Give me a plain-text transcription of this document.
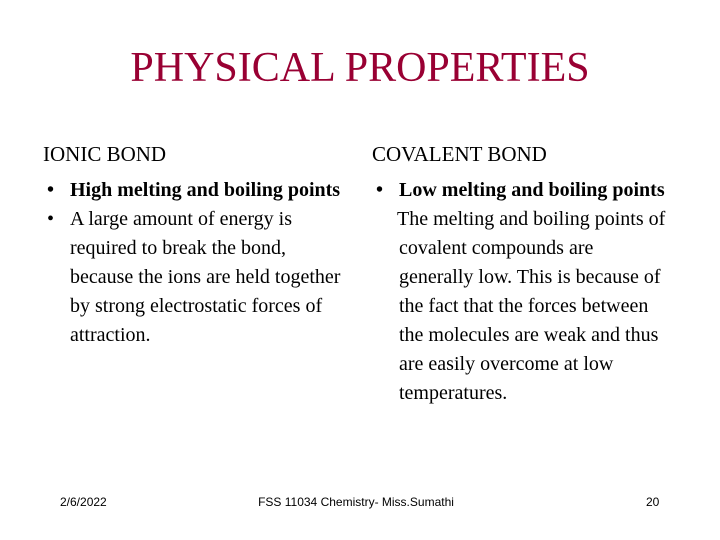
PHYSICAL PROPERTIES
IONIC BOND
• High melting and boiling points
• A large amount of energy is required to break the bond, because the ions are held together by strong electrostatic forces of attraction.
COVALENT BOND
• Low melting and boiling points

The melting and boiling points of covalent compounds are generally low. This is because of the fact that the forces between the molecules are weak and thus are easily overcome at low temperatures.

2/6/2022	FSS 11034 Chemistry- Miss.Sumathi	20
